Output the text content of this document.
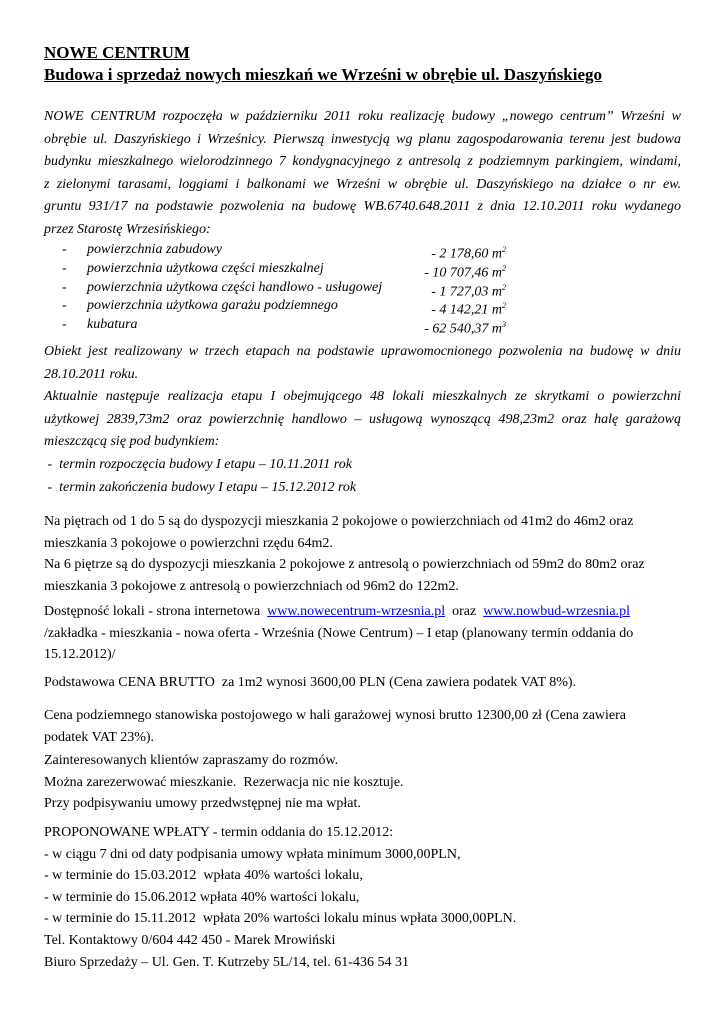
NOWE CENTRUM
Budowa i sprzedaż nowych mieszkań we Wrześni w obrębie ul. Daszyńskiego
NOWE CENTRUM rozpoczęła w październiku 2011 roku realizację budowy „nowego centrum” Wrześni w
obrębie ul. Daszyńskiego i Wrześnicy. Pierwszą inwestycją wg planu zagospodarowania terenu jest budowa
budynku mieszkalnego wielorodzinnego 7 kondygnacyjnego z antresolą z podziemnym parkingiem, windami,
z zielonymi tarasami, loggiami i balkonami we Wrześni w obrębie ul. Daszyńskiego na działce o nr ew.
gruntu 931/17 na podstawie pozwolenia na budowę WB.6740.648.2011 z dnia 12.10.2011 roku wydanego
przez Starostę Wrzesińskiego:
- powierzchnia zabudowy	- 2 178,60 $m^2$
- powierzchnia użytkowa części mieszkalnej	- 10 707,46 $m^2$
- powierzchnia użytkowa części handlowo - usługowej	- 1 727,03 $m^2$
- powierzchnia użytkowa garażu podziemnego	- 4 142,21 $m^2$
- kubatura	- 62 540,37 $m^3$
Obiekt jest realizowany w trzech etapach na podstawie uprawomocnionego pozwolenia na budowę w dniu
28.10.2011 roku.
Aktualnie następuje realizacja etapu I obejmującego 48 lokali mieszkalnych ze skrytkami o powierzchni
użytkowej 2839,73m2 oraz powierzchnię handlowo – usługową wynoszącą 498,23m2 oraz halę garażową
mieszczącą się pod budynkiem:
-  termin rozpoczęcia budowy I etapu – 10.11.2011 rok
-  termin zakończenia budowy I etapu – 15.12.2012 rok
Na piętrach od 1 do 5 są do dyspozycji mieszkania 2 pokojowe o powierzchniach od 41m2 do 46m2 oraz
mieszkania 3 pokojowe o powierzchni rzędu 64m2.
Na 6 piętrze są do dyspozycji mieszkania 2 pokojowe z antresolą o powierzchniach od 59m2 do 80m2 oraz
mieszkania 3 pokojowe z antresolą o powierzchniach od 96m2 do 122m2.
Dostępność lokali - strona internetowa  www.nowecentrum-wrzesnia.pl  oraz  www.nowbud-wrzesnia.pl
/zakładka - mieszkania - nowa oferta - Września (Nowe Centrum) – I etap (planowany termin oddania do
15.12.2012)/
Podstawowa CENA BRUTTO  za 1m2 wynosi 3600,00 PLN (Cena zawiera podatek VAT 8%).
Cena podziemnego stanowiska postojowego w hali garażowej wynosi brutto 12300,00 zł (Cena zawiera
podatek VAT 23%).
Zainteresowanych klientów zapraszamy do rozmów.
Można zarezerwować mieszkanie.  Rezerwacja nic nie kosztuje.
Przy podpisywaniu umowy przedwstępnej nie ma wpłat.
PROPONOWANE WPŁATY - termin oddania do 15.12.2012:
- w ciągu 7 dni od daty podpisania umowy wpłata minimum 3000,00PLN,
- w terminie do 15.03.2012  wpłata 40% wartości lokalu,
- w terminie do 15.06.2012 wpłata 40% wartości lokalu,
- w terminie do 15.11.2012  wpłata 20% wartości lokalu minus wpłata 3000,00PLN.
Tel. Kontaktowy 0/604 442 450 - Marek Mrowiński
Biuro Sprzedaży – Ul. Gen. T. Kutrzeby 5L/14, tel. 61-436 54 31
